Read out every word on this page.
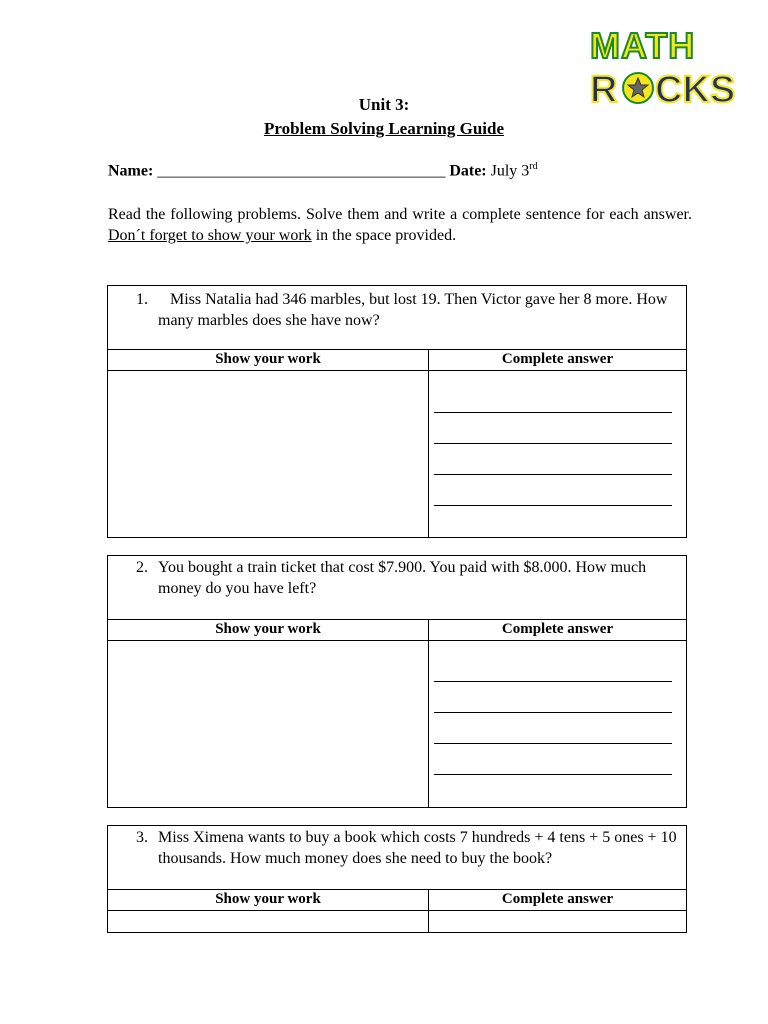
MATH
R CKS
Unit 3:
Problem Solving Learning Guide
Name: ____________________________________ Date: July 3rd
Read the following problems. Solve them and write a complete sentence for each answer. Don´t forget to show your work in the space provided.
1.	Miss Natalia had 346 marbles, but lost 19. Then Victor gave her 8 more. How many marbles does she have now?
Show your work	Complete answer
2. You bought a train ticket that cost $7.900. You paid with $8.000. How much money do you have left?
Show your work	Complete answer
3. Miss Ximena wants to buy a book which costs 7 hundreds + 4 tens + 5 ones + 10 thousands. How much money does she need to buy the book?
Show your work	Complete answer
